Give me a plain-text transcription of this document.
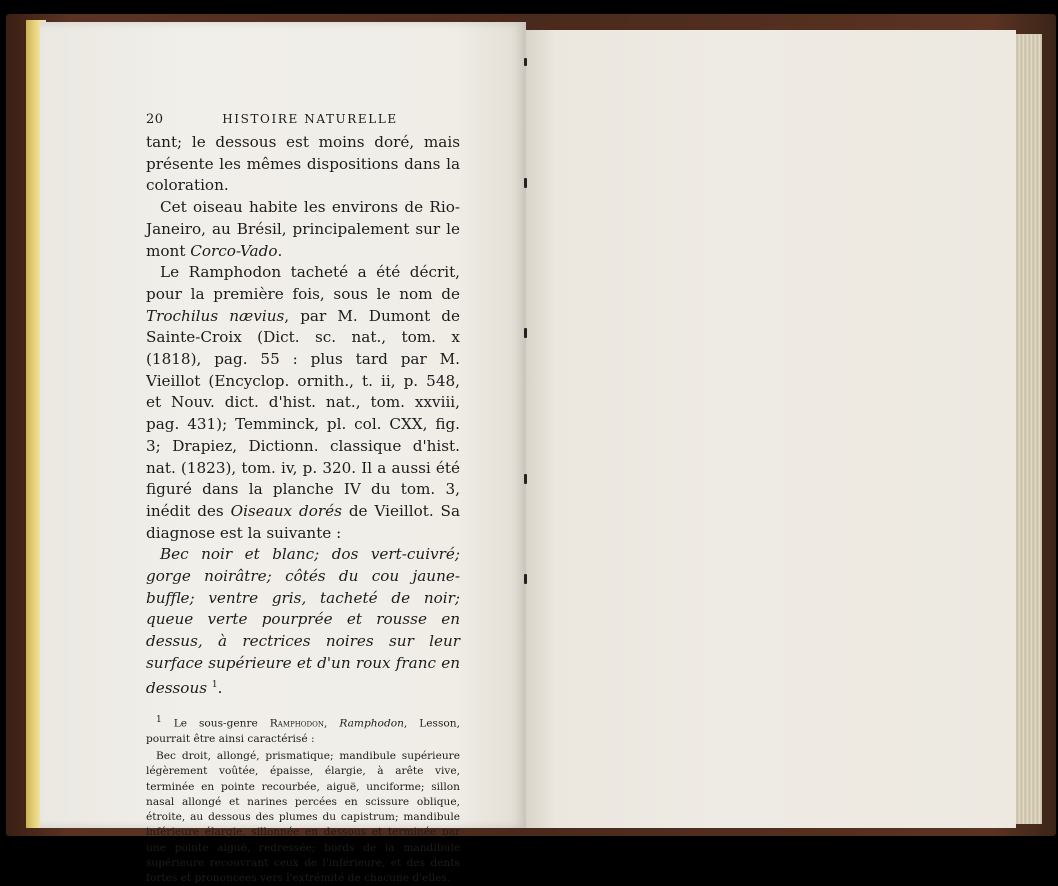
20	HISTOIRE NATURELLE

tant; le dessous est moins doré, mais présente les mêmes dispositions dans la coloration.

Cet oiseau habite les environs de Rio-Janeiro, au Brésil, principalement sur le mont Corco-Vado.

Le Ramphodon tacheté a été décrit, pour la première fois, sous le nom de Trochilus nævius, par M. Dumont de Sainte-Croix (Dict. sc. nat., tom. x (1818), pag. 55 : plus tard par M. Vieillot (Encyclop. ornith., t. ii, p. 548, et Nouv. dict. d'hist. nat., tom. xxviii, pag. 431); Temminck, pl. col. CXX, fig. 3; Drapiez, Dictionn. classique d'hist. nat. (1823), tom. iv, p. 320. Il a aussi été figuré dans la planche IV du tom. 3, inédit des Oiseaux dorés de Vieillot. Sa diagnose est la suivante :

Bec noir et blanc; dos vert-cuivré; gorge noirâtre; côtés du cou jaune-buffle; ventre gris, tacheté de noir; queue verte pourprée et rousse en dessus, à rectrices noires sur leur surface supérieure et d'un roux franc en dessous $^1$.

$^1$ Le sous-genre Ramphodon, Ramphodon, Lesson, pourrait être ainsi caractérisé :

Bec droit, allongé, prismatique; mandibule supérieure légèrement voûtée, épaisse, élargie, à arête vive, terminée en pointe recourbée, aiguë, unciforme; sillon nasal allongé et narines percées en scissure oblique, étroite, au dessous des plumes du capistrum; mandibule inférieure élargie, sillonnée en dessous et terminée par une pointe aiguë, redressée; bords de la mandibule supérieure recouvrant ceux de l'inférieure, et des dents fortes et prononcées vers l'extrémité de chacune d'elles.
